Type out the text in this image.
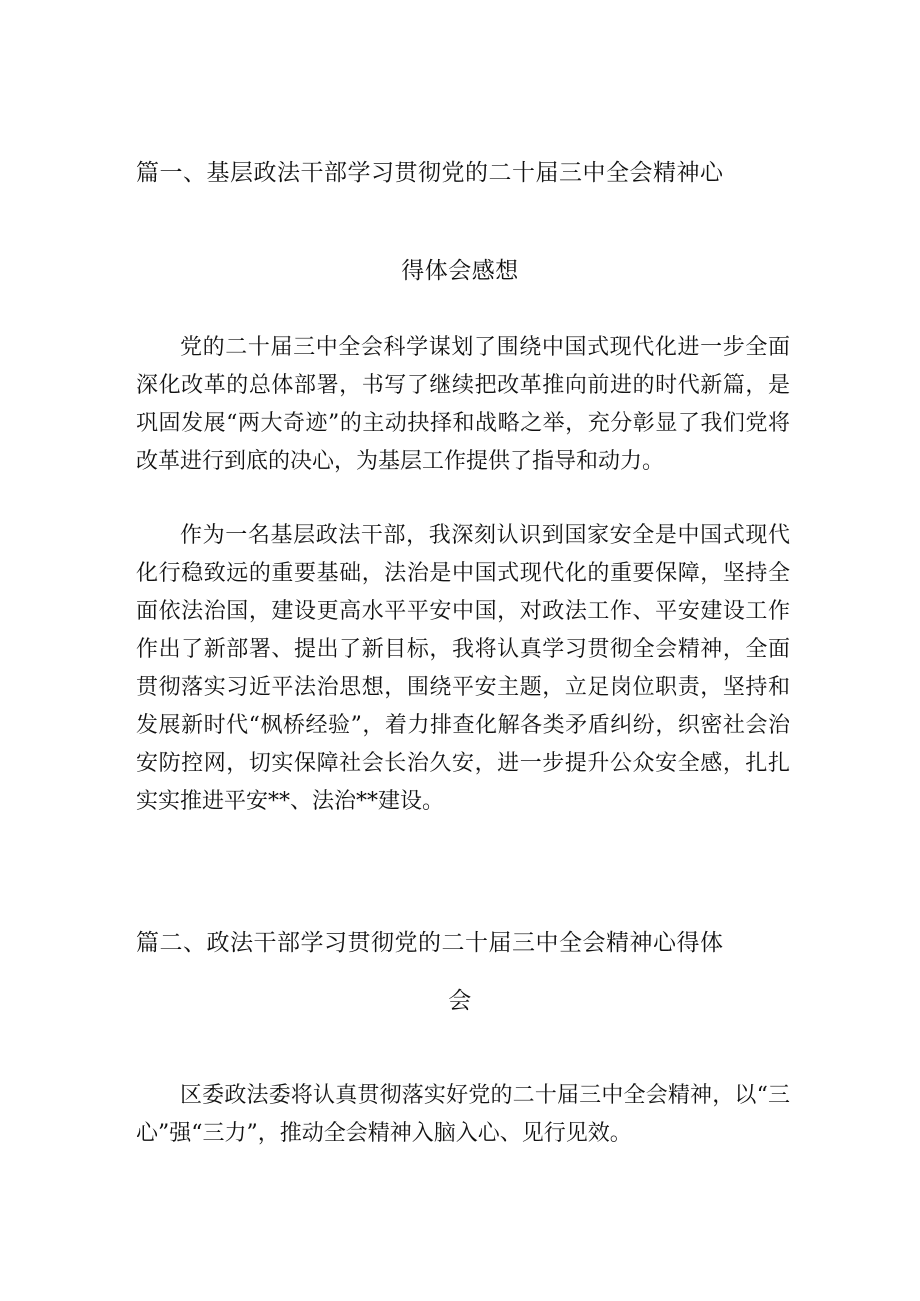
篇一、基层政法干部学习贯彻党的二十届三中全会精神心
得体会感想

党的二十届三中全会科学谋划了围绕中国式现代化进一步全面深化改革的总体部署，书写了继续把改革推向前进的时代新篇，是巩固发展“两大奇迹”的主动抉择和战略之举，充分彰显了我们党将改革进行到底的决心，为基层工作提供了指导和动力。

作为一名基层政法干部，我深刻认识到国家安全是中国式现代化行稳致远的重要基础，法治是中国式现代化的重要保障，坚持全面依法治国，建设更高水平平安中国，对政法工作、平安建设工作作出了新部署、提出了新目标，我将认真学习贯彻全会精神，全面贯彻落实习近平法治思想，围绕平安主题，立足岗位职责，坚持和发展新时代“枫桥经验”，着力排查化解各类矛盾纠纷，织密社会治安防控网，切实保障社会长治久安，进一步提升公众安全感，扎扎实实推进平安**、法治**建设。

篇二、政法干部学习贯彻党的二十届三中全会精神心得体
会

区委政法委将认真贯彻落实好党的二十届三中全会精神，以“三心”强“三力”，推动全会精神入脑入心、见行见效。
